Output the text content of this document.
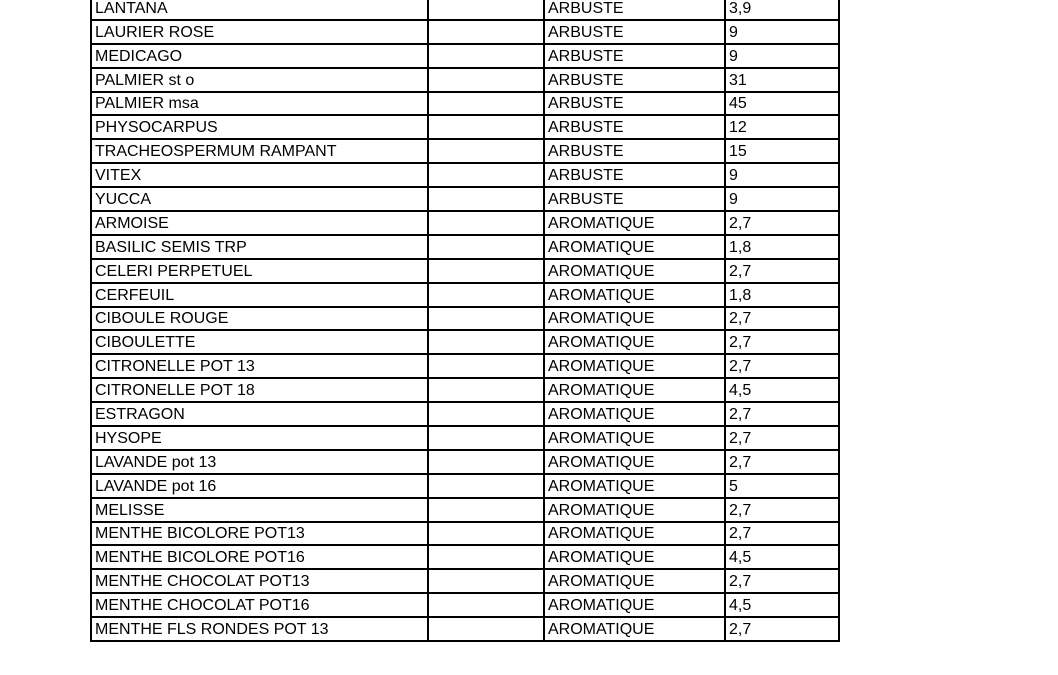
LANTANA		ARBUSTE	3,9
LAURIER ROSE		ARBUSTE	9
MEDICAGO		ARBUSTE	9
PALMIER st o		ARBUSTE	31
PALMIER msa		ARBUSTE	45
PHYSOCARPUS		ARBUSTE	12
TRACHEOSPERMUM RAMPANT		ARBUSTE	15
VITEX		ARBUSTE	9
YUCCA		ARBUSTE	9
ARMOISE		AROMATIQUE	2,7
BASILIC SEMIS TRP		AROMATIQUE	1,8
CELERI PERPETUEL		AROMATIQUE	2,7
CERFEUIL		AROMATIQUE	1,8
CIBOULE ROUGE		AROMATIQUE	2,7
CIBOULETTE		AROMATIQUE	2,7
CITRONELLE POT 13		AROMATIQUE	2,7
CITRONELLE POT 18		AROMATIQUE	4,5
ESTRAGON		AROMATIQUE	2,7
HYSOPE		AROMATIQUE	2,7
LAVANDE pot 13		AROMATIQUE	2,7
LAVANDE pot 16		AROMATIQUE	5
MELISSE		AROMATIQUE	2,7
MENTHE BICOLORE POT13		AROMATIQUE	2,7
MENTHE BICOLORE POT16		AROMATIQUE	4,5
MENTHE CHOCOLAT POT13		AROMATIQUE	2,7
MENTHE CHOCOLAT POT16		AROMATIQUE	4,5
MENTHE FLS RONDES POT 13		AROMATIQUE	2,7
